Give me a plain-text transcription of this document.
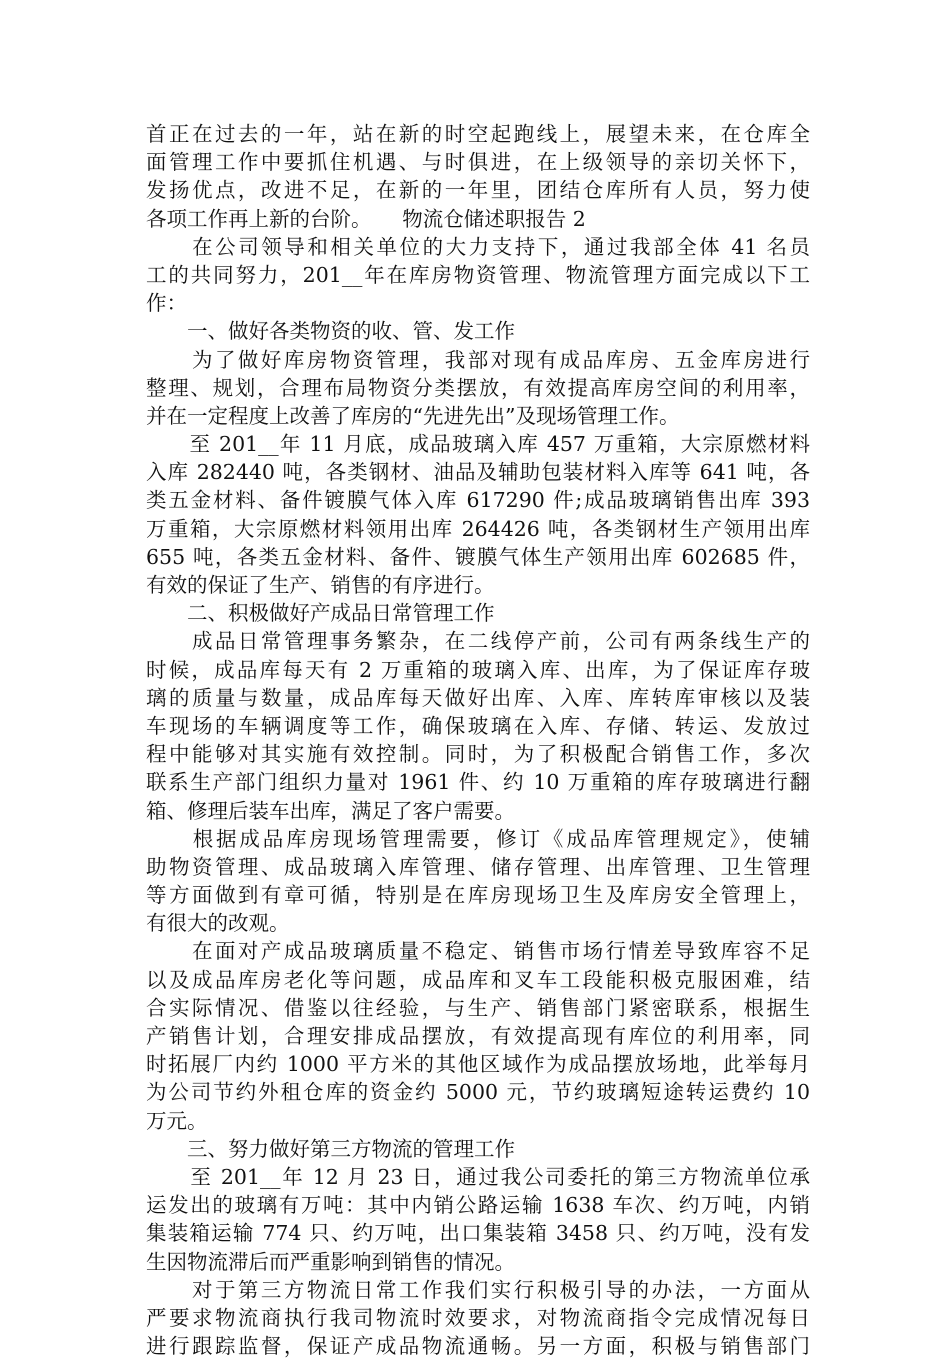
首正在过去的一年，站在新的时空起跑线上，展望未来，在仓库全
面管理工作中要抓住机遇、与时俱进，在上级领导的亲切关怀下，
发扬优点，改进不足，在新的一年里，团结仓库所有人员，努力使
各项工作再上新的台阶。　　物流仓储述职报告 2
　　在公司领导和相关单位的大力支持下，通过我部全体 41 名员
工的共同努力，201__年在库房物资管理、物流管理方面完成以下工
作：
　　一、做好各类物资的收、管、发工作
　　为了做好库房物资管理，我部对现有成品库房、五金库房进行
整理、规划，合理布局物资分类摆放，有效提高库房空间的利用率，
并在一定程度上改善了库房的“先进先出”及现场管理工作。
　　至 201__年 11 月底，成品玻璃入库 457 万重箱，大宗原燃材料
入库 282440 吨，各类钢材、油品及辅助包装材料入库等 641 吨，各
类五金材料、备件镀膜气体入库 617290 件;成品玻璃销售出库 393
万重箱，大宗原燃材料领用出库 264426 吨，各类钢材生产领用出库
655 吨，各类五金材料、备件、镀膜气体生产领用出库 602685 件，
有效的保证了生产、销售的有序进行。
　　二、积极做好产成品日常管理工作
　　成品日常管理事务繁杂，在二线停产前，公司有两条线生产的
时候，成品库每天有 2 万重箱的玻璃入库、出库，为了保证库存玻
璃的质量与数量，成品库每天做好出库、入库、库转库审核以及装
车现场的车辆调度等工作，确保玻璃在入库、存储、转运、发放过
程中能够对其实施有效控制。同时，为了积极配合销售工作，多次
联系生产部门组织力量对 1961 件、约 10 万重箱的库存玻璃进行翻
箱、修理后装车出库，满足了客户需要。
　　根据成品库房现场管理需要，修订《成品库管理规定》，使辅
助物资管理、成品玻璃入库管理、储存管理、出库管理、卫生管理
等方面做到有章可循，特别是在库房现场卫生及库房安全管理上，
有很大的改观。
　　在面对产成品玻璃质量不稳定、销售市场行情差导致库容不足
以及成品库房老化等问题，成品库和叉车工段能积极克服困难，结
合实际情况、借鉴以往经验，与生产、销售部门紧密联系，根据生
产销售计划，合理安排成品摆放，有效提高现有库位的利用率，同
时拓展厂内约 1000 平方米的其他区域作为成品摆放场地，此举每月
为公司节约外租仓库的资金约 5000 元，节约玻璃短途转运费约 10
万元。
　　三、努力做好第三方物流的管理工作
　　至 201__年 12 月 23 日，通过我公司委托的第三方物流单位承
运发出的玻璃有万吨：其中内销公路运输 1638 车次、约万吨，内销
集装箱运输 774 只、约万吨，出口集装箱 3458 只、约万吨，没有发
生因物流滞后而严重影响到销售的情况。
　　对于第三方物流日常工作我们实行积极引导的办法，一方面从
严要求物流商执行我司物流时效要求，对物流商指令完成情况每日
进行跟踪监督，保证产成品物流通畅。另一方面，积极与销售部门
